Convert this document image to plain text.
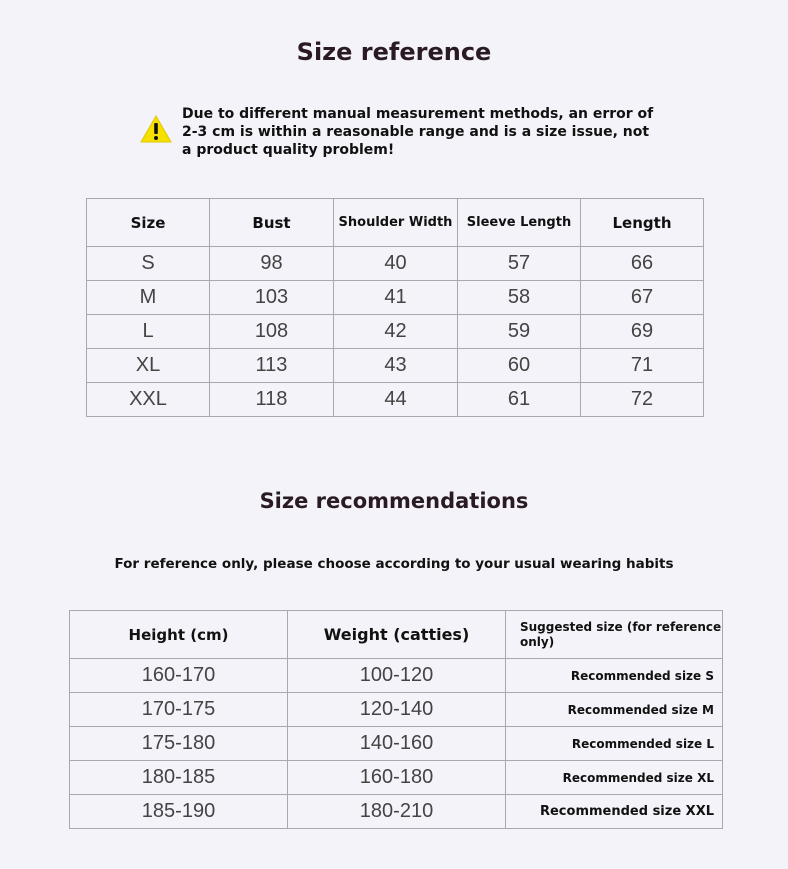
Size reference
Due to different manual measurement methods, an error of 2-3 cm is within a reasonable range and is a size issue, not a product quality problem!
Size	Bust	Shoulder Width	Sleeve Length	Length
S	98	40	57	66
M	103	41	58	67
L	108	42	59	69
XL	113	43	60	71
XXL	118	44	61	72
Size recommendations
For reference only, please choose according to your usual wearing habits
Height (cm)	Weight (catties)	Suggested size (for reference only)
160-170	100-120	Recommended size S
170-175	120-140	Recommended size M
175-180	140-160	Recommended size L
180-185	160-180	Recommended size XL
185-190	180-210	Recommended size XXL
